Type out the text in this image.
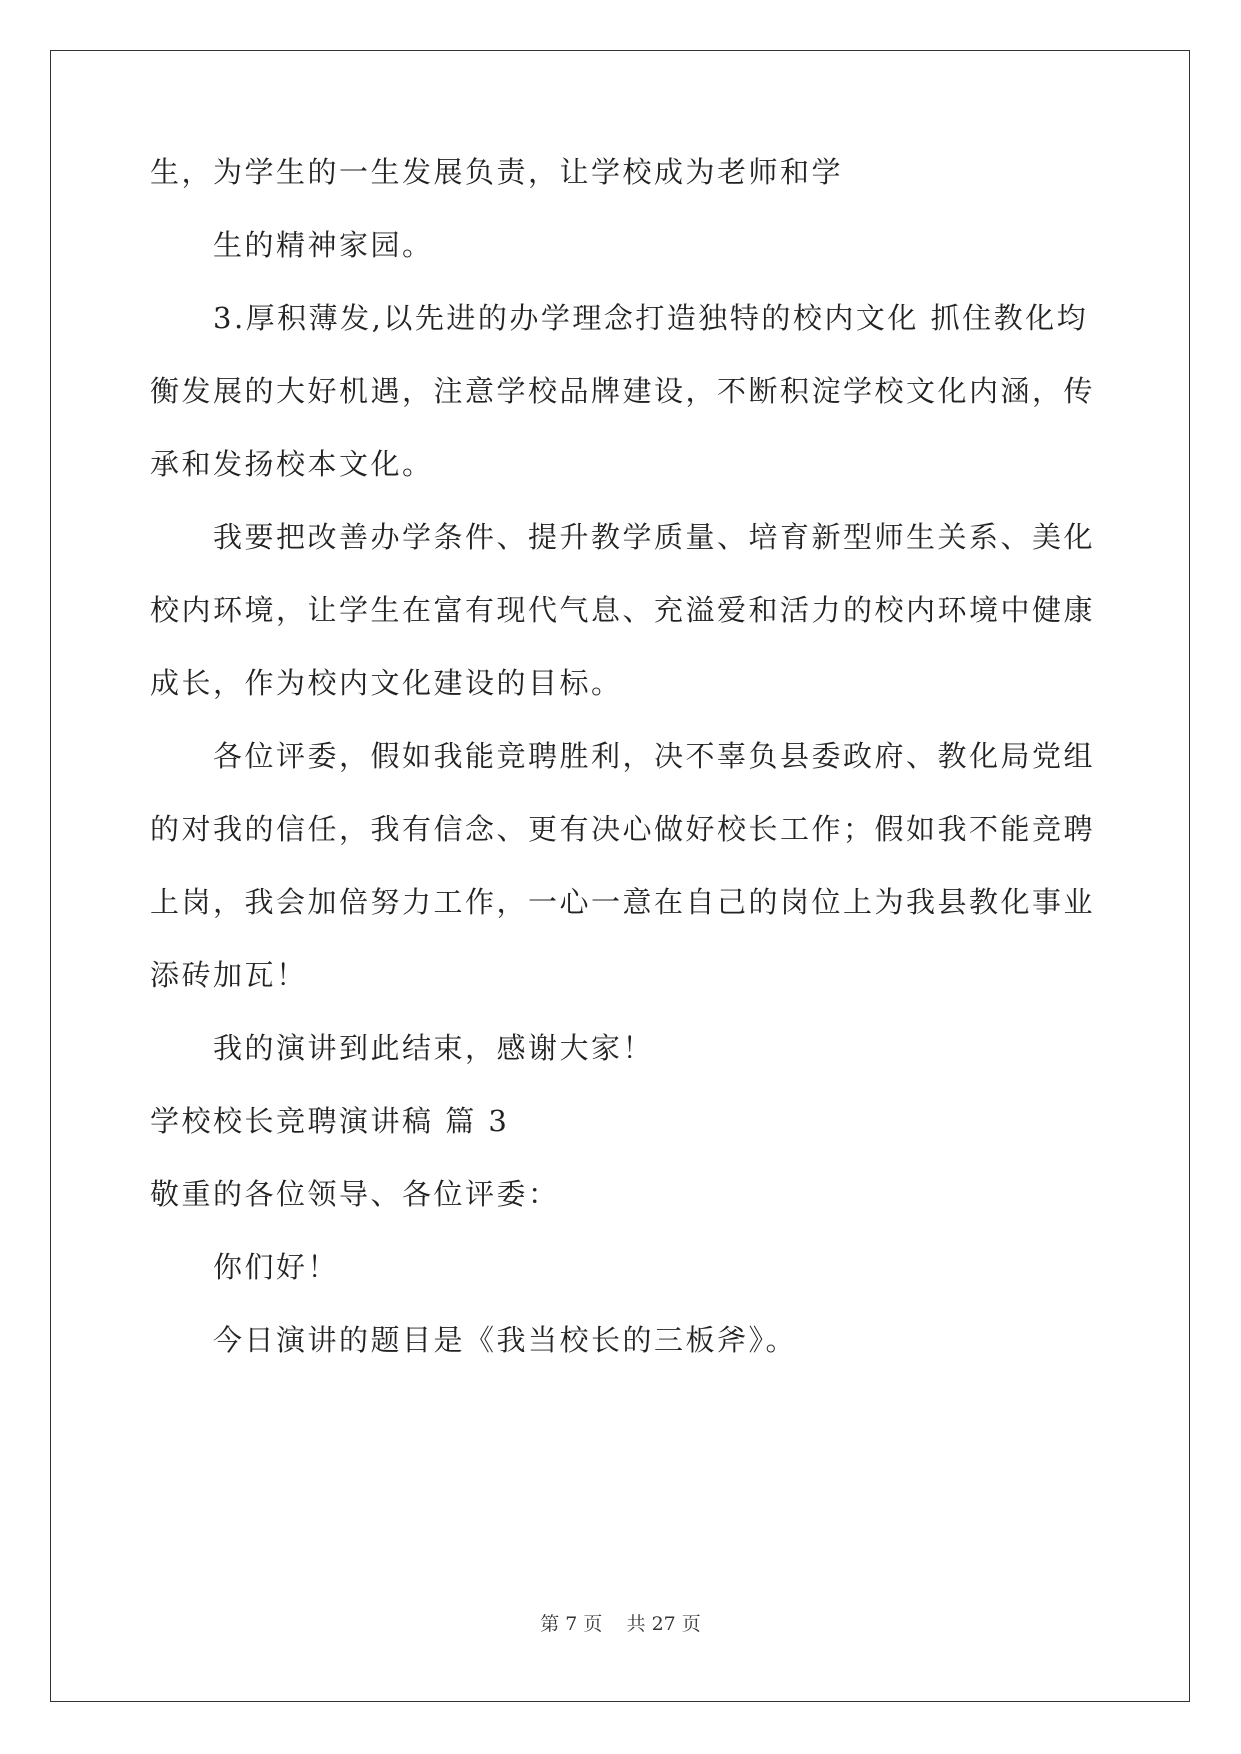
生，为学生的一生发展负责，让学校成为老师和学
生的精神家园。
3.厚积薄发,以先进的办学理念打造独特的校内文化 抓住教化均
衡发展的大好机遇，注意学校品牌建设，不断积淀学校文化内涵，传
承和发扬校本文化。
我要把改善办学条件、提升教学质量、培育新型师生关系、美化
校内环境，让学生在富有现代气息、充溢爱和活力的校内环境中健康
成长，作为校内文化建设的目标。
各位评委，假如我能竞聘胜利，决不辜负县委政府、教化局党组
的对我的信任，我有信念、更有决心做好校长工作；假如我不能竞聘
上岗，我会加倍努力工作，一心一意在自己的岗位上为我县教化事业
添砖加瓦！
我的演讲到此结束，感谢大家！
学校校长竞聘演讲稿 篇 3
敬重的各位领导、各位评委：
你们好！
今日演讲的题目是《我当校长的三板斧》。
第 7 页 共 27 页
